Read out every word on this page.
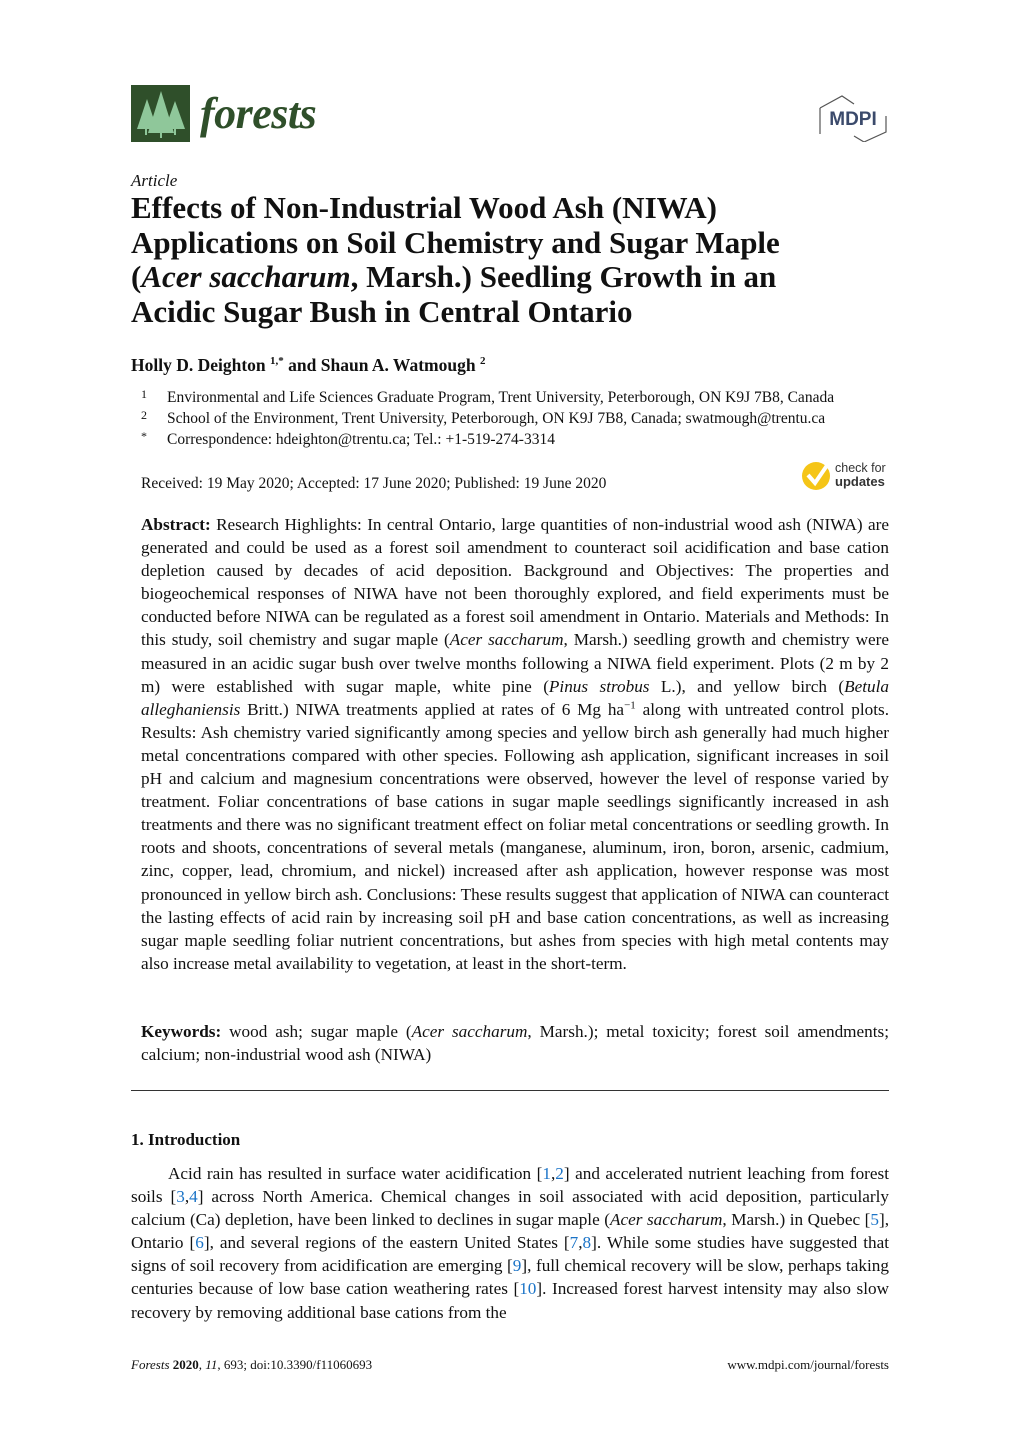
forests	MDPI
Article
Effects of Non-Industrial Wood Ash (NIWA)
Applications on Soil Chemistry and Sugar Maple
(Acer saccharum, Marsh.) Seedling Growth in an
Acidic Sugar Bush in Central Ontario
Holly D. Deighton $^{1,*}$ and Shaun A. Watmough $^2$
1 Environmental and Life Sciences Graduate Program, Trent University, Peterborough, ON K9J 7B8, Canada
2 School of the Environment, Trent University, Peterborough, ON K9J 7B8, Canada; swatmough@trentu.ca
* Correspondence: hdeighton@trentu.ca; Tel.: +1-519-274-3314
Received: 19 May 2020; Accepted: 17 June 2020; Published: 19 June 2020
check for
updates
Abstract: Research Highlights: In central Ontario, large quantities of non-industrial wood ash (NIWA) are generated and could be used as a forest soil amendment to counteract soil acidification and base cation depletion caused by decades of acid deposition. Background and Objectives: The properties and biogeochemical responses of NIWA have not been thoroughly explored, and field experiments must be conducted before NIWA can be regulated as a forest soil amendment in Ontario. Materials and Methods: In this study, soil chemistry and sugar maple (Acer saccharum, Marsh.) seedling growth and chemistry were measured in an acidic sugar bush over twelve months following a NIWA field experiment. Plots (2 m by 2 m) were established with sugar maple, white pine (Pinus strobus L.), and yellow birch (Betula alleghaniensis Britt.) NIWA treatments applied at rates of 6 Mg $ha^{-1}$ along with untreated control plots. Results: Ash chemistry varied significantly among species and yellow birch ash generally had much higher metal concentrations compared with other species. Following ash application, significant increases in soil pH and calcium and magnesium concentrations were observed, however the level of response varied by treatment. Foliar concentrations of base cations in sugar maple seedlings significantly increased in ash treatments and there was no significant treatment effect on foliar metal concentrations or seedling growth. In roots and shoots, concentrations of several metals (manganese, aluminum, iron, boron, arsenic, cadmium, zinc, copper, lead, chromium, and nickel) increased after ash application, however response was most pronounced in yellow birch ash. Conclusions: These results suggest that application of NIWA can counteract the lasting effects of acid rain by increasing soil pH and base cation concentrations, as well as increasing sugar maple seedling foliar nutrient concentrations, but ashes from species with high metal contents may also increase metal availability to vegetation, at least in the short-term.
Keywords: wood ash; sugar maple (Acer saccharum, Marsh.); metal toxicity; forest soil amendments; calcium; non-industrial wood ash (NIWA)
1. Introduction
Acid rain has resulted in surface water acidification [1,2] and accelerated nutrient leaching from forest soils [3,4] across North America. Chemical changes in soil associated with acid deposition, particularly calcium (Ca) depletion, have been linked to declines in sugar maple (Acer saccharum, Marsh.) in Quebec [5], Ontario [6], and several regions of the eastern United States [7,8]. While some studies have suggested that signs of soil recovery from acidification are emerging [9], full chemical recovery will be slow, perhaps taking centuries because of low base cation weathering rates [10]. Increased forest harvest intensity may also slow recovery by removing additional base cations from the
Forests 2020, 11, 693; doi:10.3390/f11060693	www.mdpi.com/journal/forests
